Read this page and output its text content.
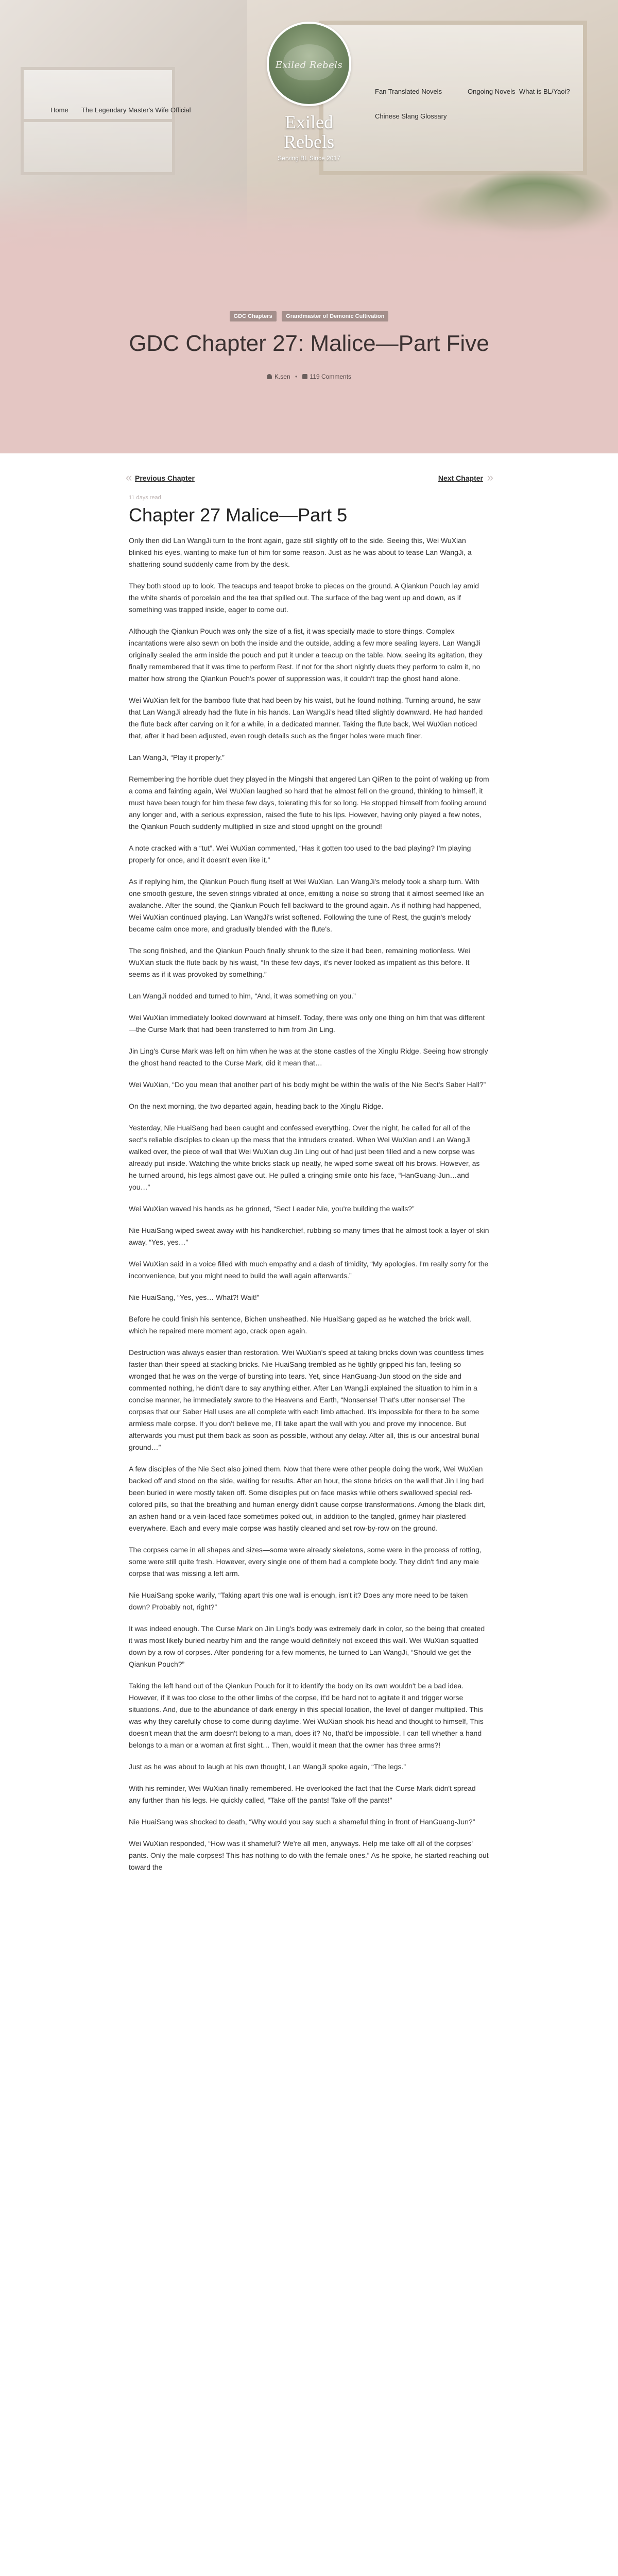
Exiled Rebels
Home The Legendary Master's Wife Official
Fan Translated Novels	Ongoing Novels What is BL/Yaoi?
Chinese Slang Glossary
Exiled
Rebels
Serving BL Since 2017
GDC Chapters Grandmaster of Demonic Cultivation
GDC Chapter 27: Malice—Part Five
K.sen • 119 Comments
« Previous Chapter	Next Chapter »
11 days read
Chapter 27 Malice—Part 5

Only then did Lan WangJi turn to the front again, gaze still slightly off to the side. Seeing this, Wei WuXian blinked his eyes, wanting to make fun of him for some reason. Just as he was about to tease Lan WangJi, a shattering sound suddenly came from by the desk.

They both stood up to look. The teacups and teapot broke to pieces on the ground. A Qiankun Pouch lay amid the white shards of porcelain and the tea that spilled out. The surface of the bag went up and down, as if something was trapped inside, eager to come out.

Although the Qiankun Pouch was only the size of a fist, it was specially made to store things. Complex incantations were also sewn on both the inside and the outside, adding a few more sealing layers. Lan WangJi originally sealed the arm inside the pouch and put it under a teacup on the table. Now, seeing its agitation, they finally remembered that it was time to perform Rest. If not for the short nightly duets they perform to calm it, no matter how strong the Qiankun Pouch's power of suppression was, it couldn't trap the ghost hand alone.

Wei WuXian felt for the bamboo flute that had been by his waist, but he found nothing. Turning around, he saw that Lan WangJi already had the flute in his hands. Lan WangJi's head tilted slightly downward. He had handed the flute back after carving on it for a while, in a dedicated manner. Taking the flute back, Wei WuXian noticed that, after it had been adjusted, even rough details such as the finger holes were much finer.

Lan WangJi, “Play it properly.”

Remembering the horrible duet they played in the Mingshi that angered Lan QiRen to the point of waking up from a coma and fainting again, Wei WuXian laughed so hard that he almost fell on the ground, thinking to himself, it must have been tough for him these few days, tolerating this for so long. He stopped himself from fooling around any longer and, with a serious expression, raised the flute to his lips. However, having only played a few notes, the Qiankun Pouch suddenly multiplied in size and stood upright on the ground!

A note cracked with a “tut”. Wei WuXian commented, “Has it gotten too used to the bad playing? I'm playing properly for once, and it doesn't even like it.”

As if replying him, the Qiankun Pouch flung itself at Wei WuXian. Lan WangJi's melody took a sharp turn. With one smooth gesture, the seven strings vibrated at once, emitting a noise so strong that it almost seemed like an avalanche. After the sound, the Qiankun Pouch fell backward to the ground again. As if nothing had happened, Wei WuXian continued playing. Lan WangJi's wrist softened. Following the tune of Rest, the guqin's melody became calm once more, and gradually blended with the flute's.

The song finished, and the Qiankun Pouch finally shrunk to the size it had been, remaining motionless. Wei WuXian stuck the flute back by his waist, “In these few days, it's never looked as impatient as this before. It seems as if it was provoked by something.”

Lan WangJi nodded and turned to him, “And, it was something on you.”

Wei WuXian immediately looked downward at himself. Today, there was only one thing on him that was different—the Curse Mark that had been transferred to him from Jin Ling.

Jin Ling's Curse Mark was left on him when he was at the stone castles of the Xinglu Ridge. Seeing how strongly the ghost hand reacted to the Curse Mark, did it mean that…

Wei WuXian, “Do you mean that another part of his body might be within the walls of the Nie Sect's Saber Hall?”

On the next morning, the two departed again, heading back to the Xinglu Ridge.

Yesterday, Nie HuaiSang had been caught and confessed everything. Over the night, he called for all of the sect's reliable disciples to clean up the mess that the intruders created. When Wei WuXian and Lan WangJi walked over, the piece of wall that Wei WuXian dug Jin Ling out of had just been filled and a new corpse was already put inside. Watching the white bricks stack up neatly, he wiped some sweat off his brows. However, as he turned around, his legs almost gave out. He pulled a cringing smile onto his face, “HanGuang-Jun…and you…”

Wei WuXian waved his hands as he grinned, “Sect Leader Nie, you're building the walls?”

Nie HuaiSang wiped sweat away with his handkerchief, rubbing so many times that he almost took a layer of skin away, “Yes, yes…”

Wei WuXian said in a voice filled with much empathy and a dash of timidity, “My apologies. I'm really sorry for the inconvenience, but you might need to build the wall again afterwards.”

Nie HuaiSang, “Yes, yes… What?! Wait!”

Before he could finish his sentence, Bichen unsheathed. Nie HuaiSang gaped as he watched the brick wall, which he repaired mere moment ago, crack open again.

Destruction was always easier than restoration. Wei WuXian's speed at taking bricks down was countless times faster than their speed at stacking bricks. Nie HuaiSang trembled as he tightly gripped his fan, feeling so wronged that he was on the verge of bursting into tears. Yet, since HanGuang-Jun stood on the side and commented nothing, he didn't dare to say anything either. After Lan WangJi explained the situation to him in a concise manner, he immediately swore to the Heavens and Earth, “Nonsense! That's utter nonsense! The corpses that our Saber Hall uses are all complete with each limb attached. It's impossible for there to be some armless male corpse. If you don't believe me, I'll take apart the wall with you and prove my innocence. But afterwards you must put them back as soon as possible, without any delay. After all, this is our ancestral burial ground…”

A few disciples of the Nie Sect also joined them. Now that there were other people doing the work, Wei WuXian backed off and stood on the side, waiting for results. After an hour, the stone bricks on the wall that Jin Ling had been buried in were mostly taken off. Some disciples put on face masks while others swallowed special red-colored pills, so that the breathing and human energy didn't cause corpse transformations. Among the black dirt, an ashen hand or a vein-laced face sometimes poked out, in addition to the tangled, grimey hair plastered everywhere. Each and every male corpse was hastily cleaned and set row-by-row on the ground.

The corpses came in all shapes and sizes—some were already skeletons, some were in the process of rotting, some were still quite fresh. However, every single one of them had a complete body. They didn't find any male corpse that was missing a left arm.

Nie HuaiSang spoke warily, “Taking apart this one wall is enough, isn't it? Does any more need to be taken down? Probably not, right?”

It was indeed enough. The Curse Mark on Jin Ling's body was extremely dark in color, so the being that created it was most likely buried nearby him and the range would definitely not exceed this wall. Wei WuXian squatted down by a row of corpses. After pondering for a few moments, he turned to Lan WangJi, “Should we get the Qiankun Pouch?”

Taking the left hand out of the Qiankun Pouch for it to identify the body on its own wouldn't be a bad idea. However, if it was too close to the other limbs of the corpse, it'd be hard not to agitate it and trigger worse situations. And, due to the abundance of dark energy in this special location, the level of danger multiplied. This was why they carefully chose to come during daytime. Wei WuXian shook his head and thought to himself, This doesn't mean that the arm doesn't belong to a man, does it? No, that'd be impossible. I can tell whether a hand belongs to a man or a woman at first sight… Then, would it mean that the owner has three arms?!

Just as he was about to laugh at his own thought, Lan WangJi spoke again, “The legs.”

With his reminder, Wei WuXian finally remembered. He overlooked the fact that the Curse Mark didn't spread any further than his legs. He quickly called, “Take off the pants! Take off the pants!”

Nie HuaiSang was shocked to death, “Why would you say such a shameful thing in front of HanGuang-Jun?”

Wei WuXian responded, “How was it shameful? We're all men, anyways. Help me take off all of the corpses' pants. Only the male corpses! This has nothing to do with the female ones.” As he spoke, he started reaching out toward the
